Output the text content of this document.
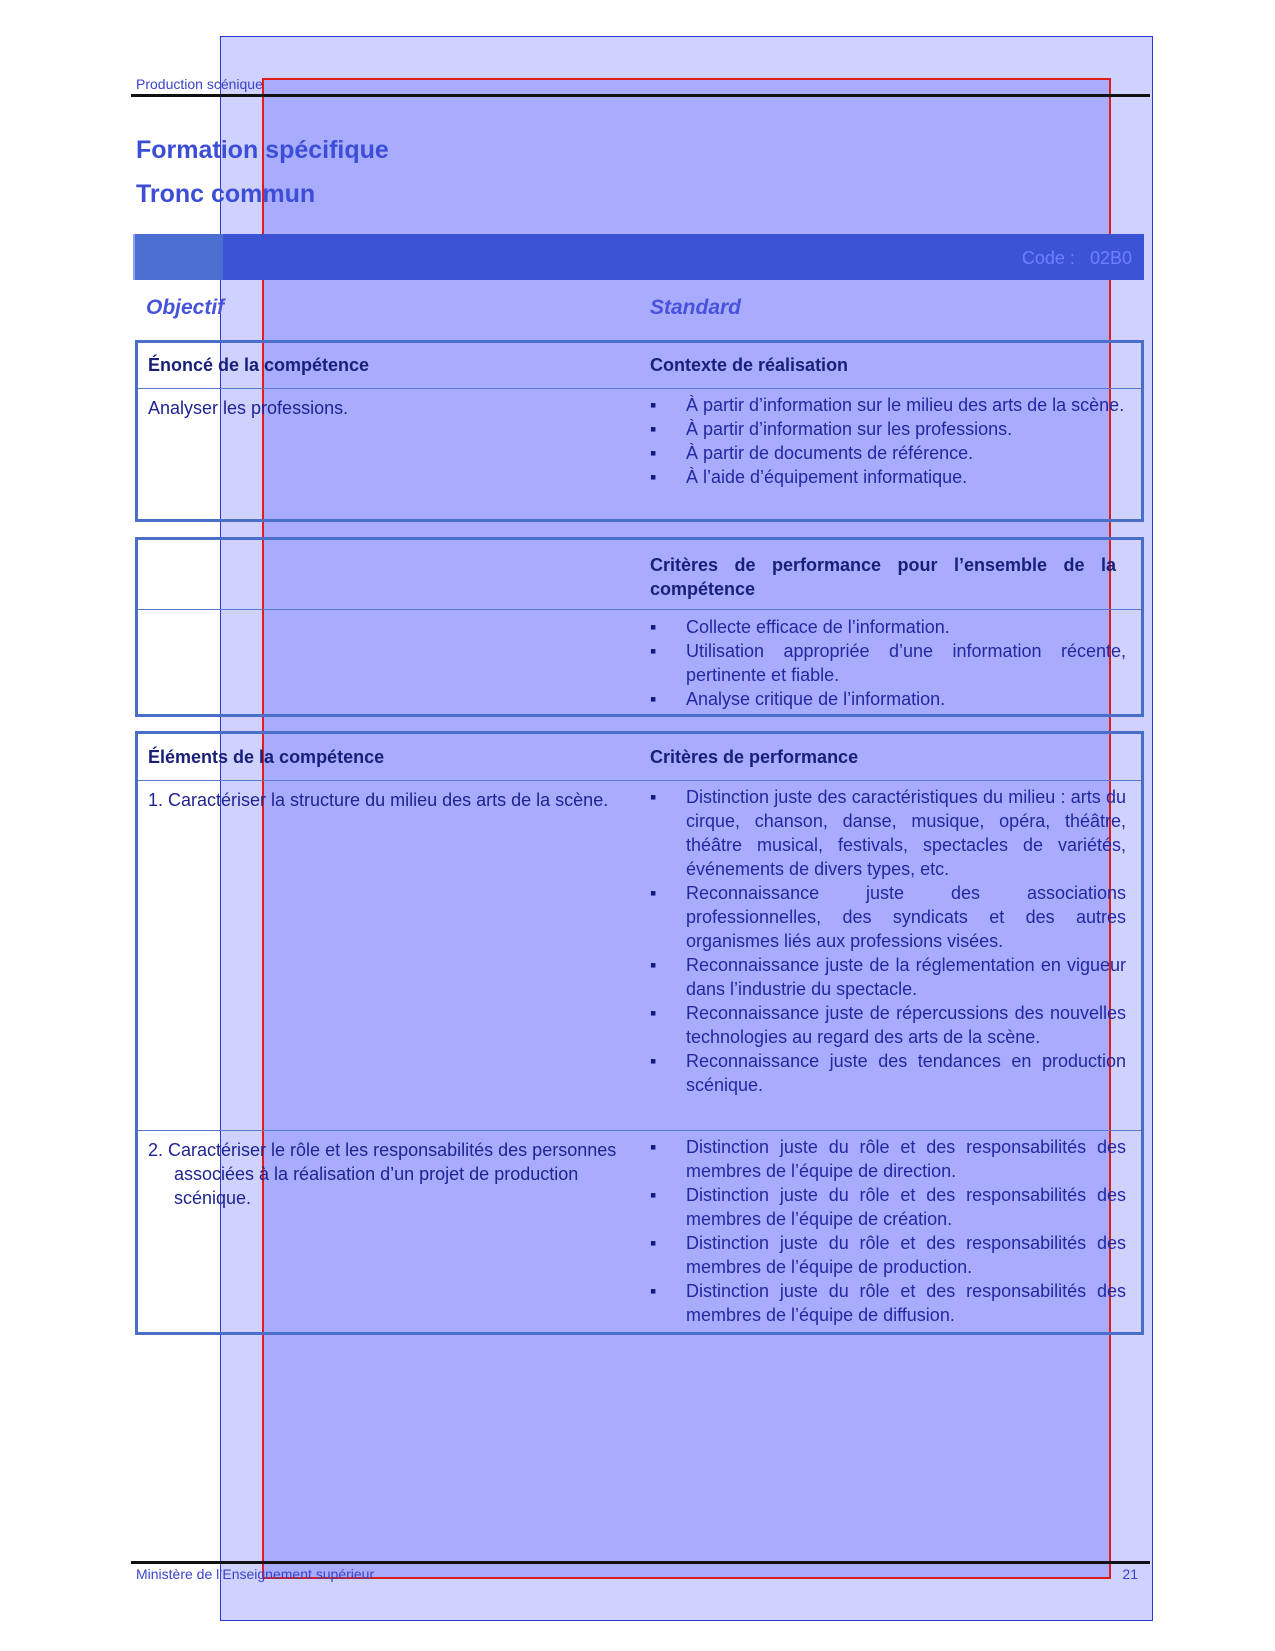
Production scénique
Formation spécifique
Tronc commun
Code : 02B0
Objectif	Standard
Énoncé de la compétence	Contexte de réalisation
Analyser les professions.	▪ À partir d’information sur le milieu des arts de la scène.
▪ À partir d’information sur les professions.
▪ À partir de documents de référence.
▪ À l’aide d’équipement informatique.
Critères de performance pour l’ensemble de la compétence
▪ Collecte efficace de l’information.
▪ Utilisation appropriée d’une information récente, pertinente et fiable.
▪ Analyse critique de l’information.
Éléments de la compétence	Critères de performance
1. Caractériser la structure du milieu des arts de la scène.	▪ Distinction juste des caractéristiques du milieu : arts du cirque, chanson, danse, musique, opéra, théâtre, théâtre musical, festivals, spectacles de variétés, événements de divers types, etc.
▪ Reconnaissance juste des associations professionnelles, des syndicats et des autres organismes liés aux professions visées.
▪ Reconnaissance juste de la réglementation en vigueur dans l’industrie du spectacle.
▪ Reconnaissance juste de répercussions des nouvelles technologies au regard des arts de la scène.
▪ Reconnaissance juste des tendances en production scénique.
2. Caractériser le rôle et les responsabilités des personnes associées à la réalisation d’un projet de production scénique.
▪ Distinction juste du rôle et des responsabilités des membres de l’équipe de direction.
▪ Distinction juste du rôle et des responsabilités des membres de l’équipe de création.
▪ Distinction juste du rôle et des responsabilités des membres de l’équipe de production.
▪ Distinction juste du rôle et des responsabilités des membres de l’équipe de diffusion.
Ministère de l’Enseignement supérieur	21
